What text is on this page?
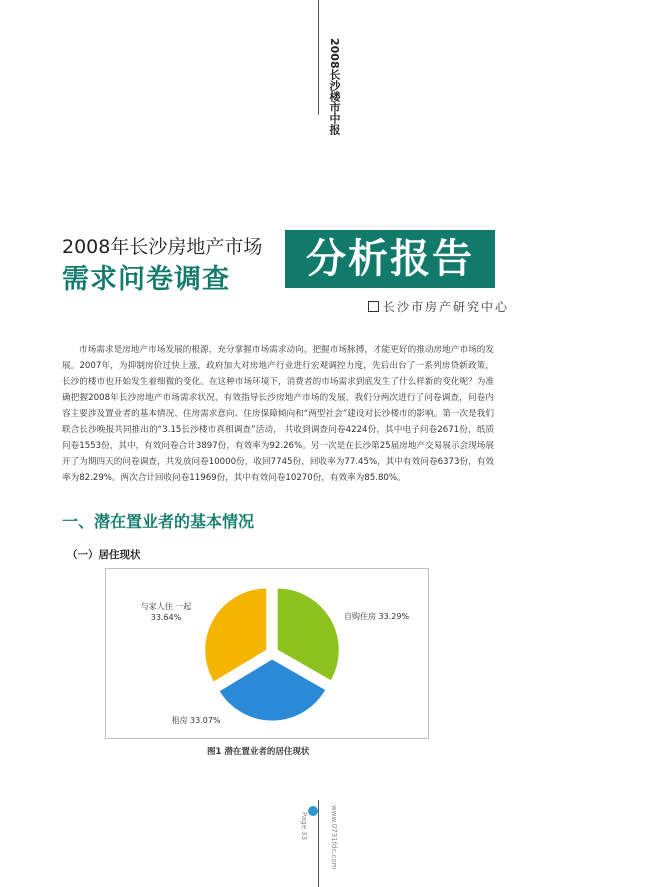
2008长沙楼市中报
2008年长沙房地产市场
需求问卷调查	分析报告
长沙市房产研究中心

市场需求是房地产市场发展的根源，充分掌握市场需求动向，把握市场脉搏，才能更好的推动房地产市场的发展。2007年，为抑制房价过快上涨，政府加大对房地产行业进行宏观调控力度，先后出台了一系列房贷新政策，长沙的楼市也开始发生着细微的变化。在这种市场环境下，消费者的市场需求到底发生了什么样新的变化呢？为准确把握2008年长沙房地产市场需求状况，有效指导长沙房地产市场的发展，我们分两次进行了问卷调查，问卷内容主要涉及置业者的基本情况、住房需求意向、住房保障倾向和“两型社会”建设对长沙楼市的影响。第一次是我们联合长沙晚报共同推出的“3.15长沙楼市真相调查”活动， 共收到调查问卷4224份，其中电子问卷2671份，纸质问卷1553份，其中，有效问卷合计3897份，有效率为92.26%。另一次是在长沙第25届房地产交易展示会现场展开了为期四天的问卷调查，共发放问卷10000份，收回7745份，回收率为77.45%，其中有效问卷6373份，有效率为82.29%。两次合计回收问卷11969份，其中有效问卷10270份，有效率为85.80%。

一、潜在置业者的基本情况
（一）居住现状
自购住房 33.29%
租房 33.07%
与家人住 一起 33.64%
图1 潜在置业者的居住现状
Page 33	www.0731fdc.com
